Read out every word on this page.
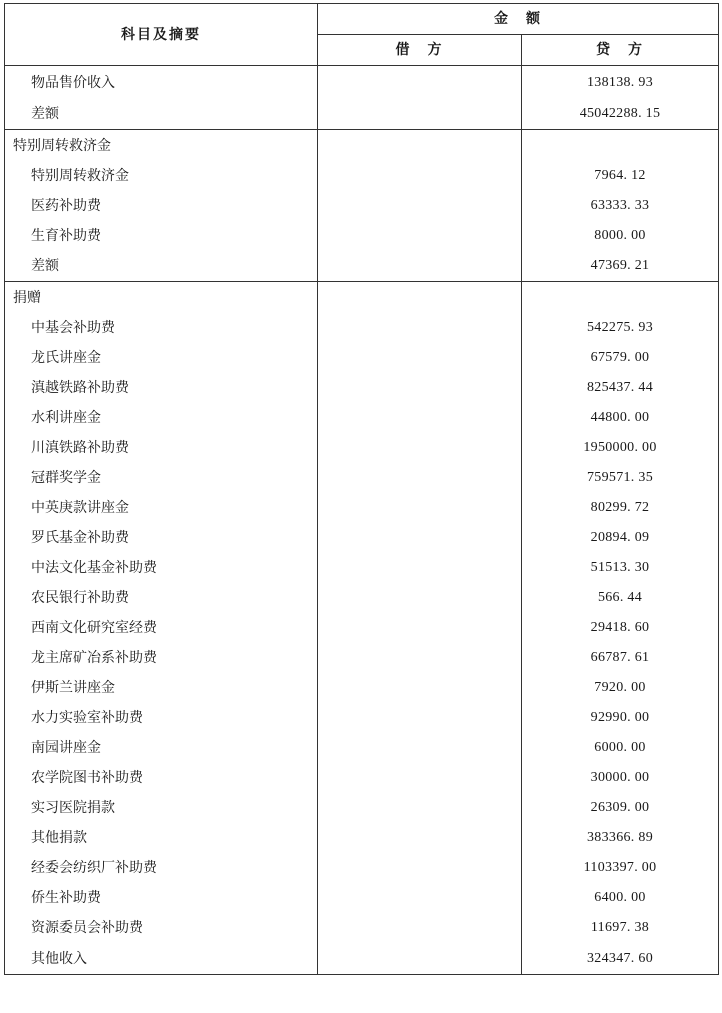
科目及摘要	金　额	
	借　方	贷　方
物品售价收入		138138. 93
差额		45042288. 15
特别周转救济金		
特别周转救济金		7964. 12
医药补助费		63333. 33
生育补助费		8000. 00
差额		47369. 21
捐赠		
中基会补助费		542275. 93
龙氏讲座金		67579. 00
滇越铁路补助费		825437. 44
水利讲座金		44800. 00
川滇铁路补助费		1950000. 00
冠群奖学金		759571. 35
中英庚款讲座金		80299. 72
罗氏基金补助费		20894. 09
中法文化基金补助费		51513. 30
农民银行补助费		566. 44
西南文化研究室经费		29418. 60
龙主席矿冶系补助费		66787. 61
伊斯兰讲座金		7920. 00
水力实验室补助费		92990. 00
南园讲座金		6000. 00
农学院图书补助费		30000. 00
实习医院捐款		26309. 00
其他捐款		383366. 89
经委会纺织厂补助费		1103397. 00
侨生补助费		6400. 00
资源委员会补助费		11697. 38
其他收入		324347. 60
